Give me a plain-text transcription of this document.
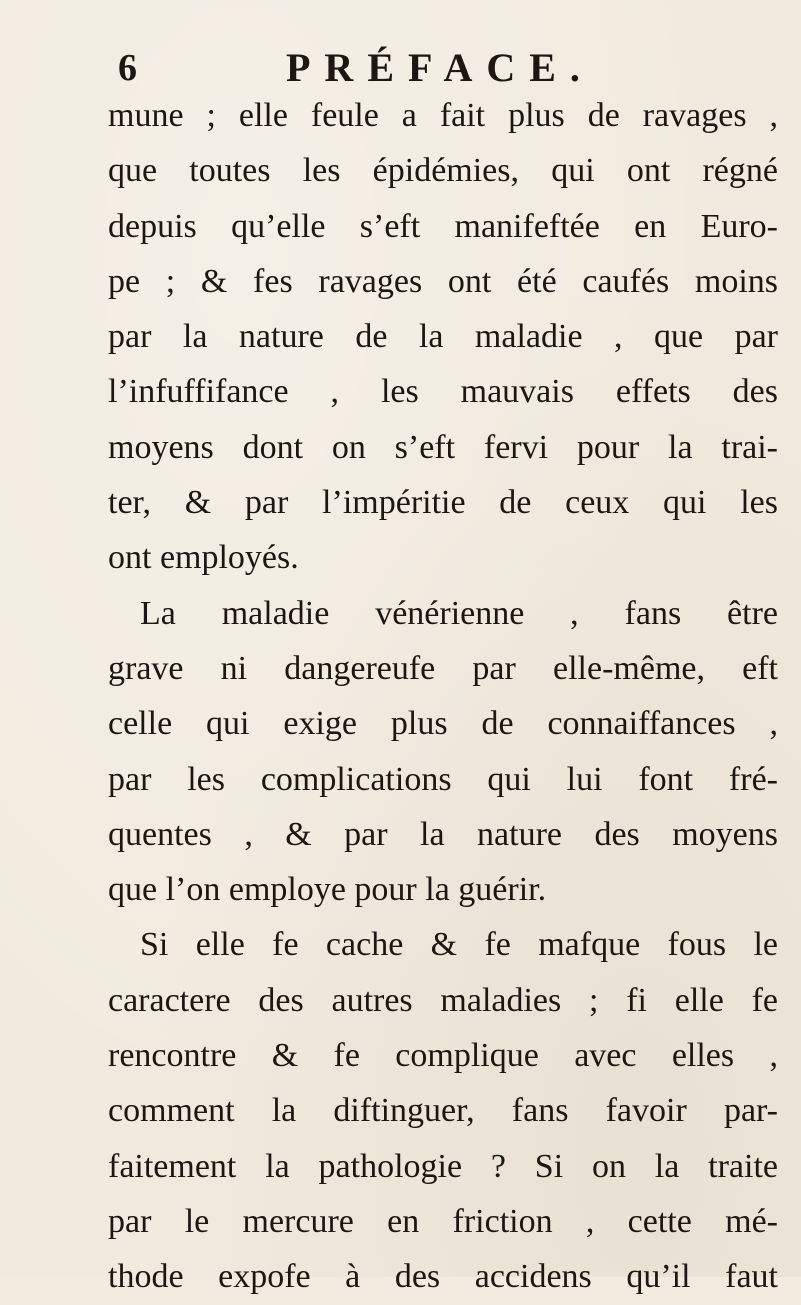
6	PRÉFACE.
mune ; elle feule a fait plus de ravages ,
que toutes les épidémies, qui ont régné
depuis qu’elle s’eft manifeftée en Euro-
pe ; & fes ravages ont été caufés moins
par la nature de la maladie , que par
l’infuffifance , les mauvais effets des
moyens dont on s’eft fervi pour la trai-
ter, & par l’impéritie de ceux qui les
ont employés.
La maladie vénérienne , fans être
grave ni dangereufe par elle-même, eft
celle qui exige plus de connaiffances ,
par les complications qui lui font fré-
quentes , & par la nature des moyens
que l’on employe pour la guérir.
Si elle fe cache & fe mafque fous le
caractere des autres maladies ; fi elle fe
rencontre & fe complique avec elles ,
comment la diftinguer, fans favoir par-
faitement la pathologie ? Si on la traite
par le mercure en friction , cette mé-
thode expofe à des accidens qu’il faut
